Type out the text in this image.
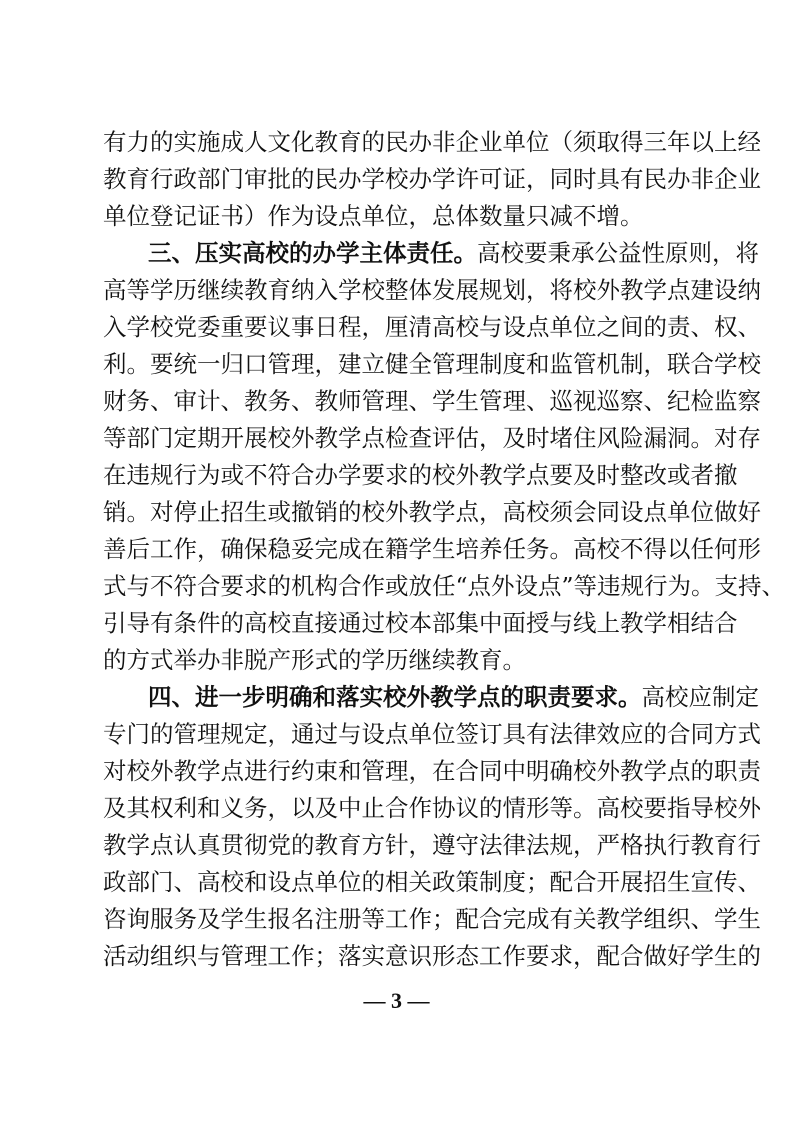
有力的实施成人文化教育的民办非企业单位（须取得三年以上经
教育行政部门审批的民办学校办学许可证，同时具有民办非企业
单位登记证书）作为设点单位，总体数量只减不增。
三、压实高校的办学主体责任。高校要秉承公益性原则，将
高等学历继续教育纳入学校整体发展规划，将校外教学点建设纳
入学校党委重要议事日程，厘清高校与设点单位之间的责、权、
利。要统一归口管理，建立健全管理制度和监管机制，联合学校
财务、审计、教务、教师管理、学生管理、巡视巡察、纪检监察
等部门定期开展校外教学点检查评估，及时堵住风险漏洞。对存
在违规行为或不符合办学要求的校外教学点要及时整改或者撤
销。对停止招生或撤销的校外教学点，高校须会同设点单位做好
善后工作，确保稳妥完成在籍学生培养任务。高校不得以任何形
式与不符合要求的机构合作或放任“点外设点”等违规行为。支持、
引导有条件的高校直接通过校本部集中面授与线上教学相结合
的方式举办非脱产形式的学历继续教育。
四、进一步明确和落实校外教学点的职责要求。高校应制定
专门的管理规定，通过与设点单位签订具有法律效应的合同方式
对校外教学点进行约束和管理，在合同中明确校外教学点的职责
及其权利和义务，以及中止合作协议的情形等。高校要指导校外
教学点认真贯彻党的教育方针，遵守法律法规，严格执行教育行
政部门、高校和设点单位的相关政策制度；配合开展招生宣传、
咨询服务及学生报名注册等工作；配合完成有关教学组织、学生
活动组织与管理工作；落实意识形态工作要求，配合做好学生的
— 3 —
